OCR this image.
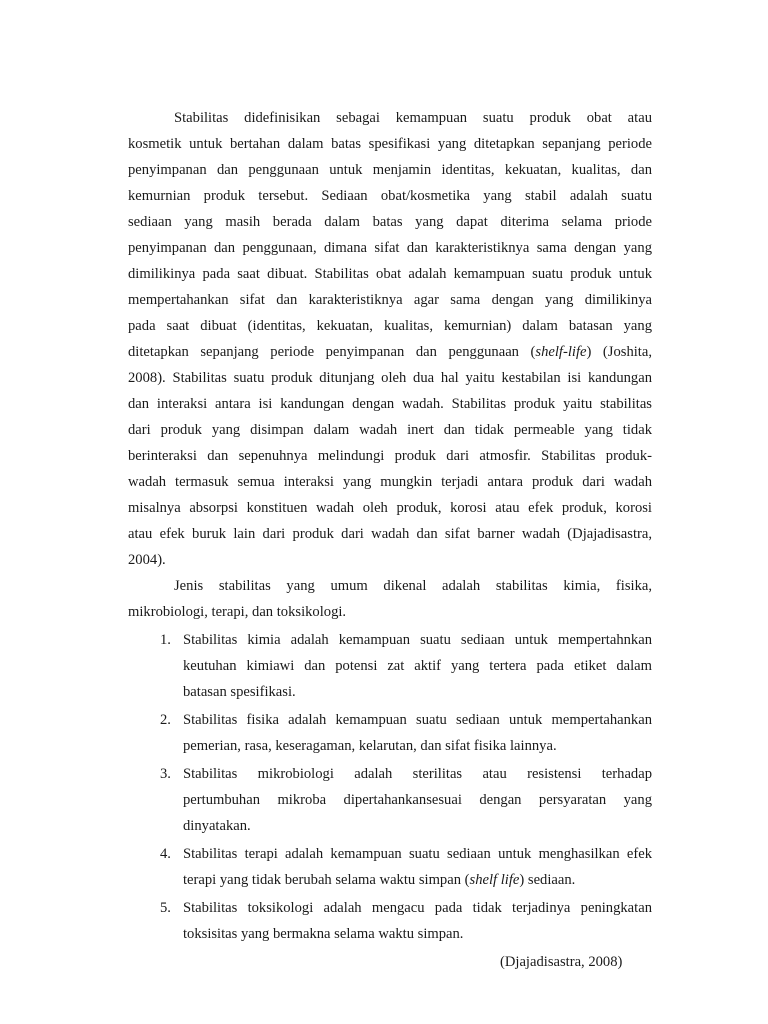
Stabilitas didefinisikan sebagai kemampuan suatu produk obat atau

kosmetik untuk bertahan dalam batas spesifikasi yang ditetapkan sepanjang periode

penyimpanan dan penggunaan untuk menjamin identitas, kekuatan, kualitas, dan

kemurnian produk tersebut. Sediaan obat/kosmetika yang stabil adalah suatu

sediaan yang masih berada dalam batas yang dapat diterima selama priode

penyimpanan dan penggunaan, dimana sifat dan karakteristiknya sama dengan yang

dimilikinya pada saat dibuat. Stabilitas obat adalah kemampuan suatu produk untuk

mempertahankan sifat dan karakteristiknya agar sama dengan yang dimilikinya

pada saat dibuat (identitas, kekuatan, kualitas, kemurnian) dalam batasan yang

ditetapkan sepanjang periode penyimpanan dan penggunaan (shelf-life) (Joshita,

2008). Stabilitas suatu produk ditunjang oleh dua hal yaitu kestabilan isi kandungan

dan interaksi antara isi kandungan dengan wadah. Stabilitas produk yaitu stabilitas

dari produk yang disimpan dalam wadah inert dan tidak permeable yang tidak

berinteraksi dan sepenuhnya melindungi produk dari atmosfir. Stabilitas produk-

wadah termasuk semua interaksi yang mungkin terjadi antara produk dari wadah

misalnya absorpsi konstituen wadah oleh produk, korosi atau efek produk, korosi

atau efek buruk lain dari produk dari wadah dan sifat barner wadah (Djajadisastra,

2004).

Jenis stabilitas yang umum dikenal adalah stabilitas kimia, fisika,

mikrobiologi, terapi, dan toksikologi.

1. Stabilitas kimia adalah kemampuan suatu sediaan untuk mempertahnkan

keutuhan kimiawi dan potensi zat aktif yang tertera pada etiket dalam

batasan spesifikasi.

2. Stabilitas fisika adalah kemampuan suatu sediaan untuk mempertahankan

pemerian, rasa, keseragaman, kelarutan, dan sifat fisika lainnya.

3. Stabilitas mikrobiologi adalah sterilitas atau resistensi terhadap

pertumbuhan mikroba dipertahankansesuai dengan persyaratan yang

dinyatakan.

4. Stabilitas terapi adalah kemampuan suatu sediaan untuk menghasilkan efek

terapi yang tidak berubah selama waktu simpan (shelf life) sediaan.

5. Stabilitas toksikologi adalah mengacu pada tidak terjadinya peningkatan

toksisitas yang bermakna selama waktu simpan.

(Djajadisastra, 2008)
